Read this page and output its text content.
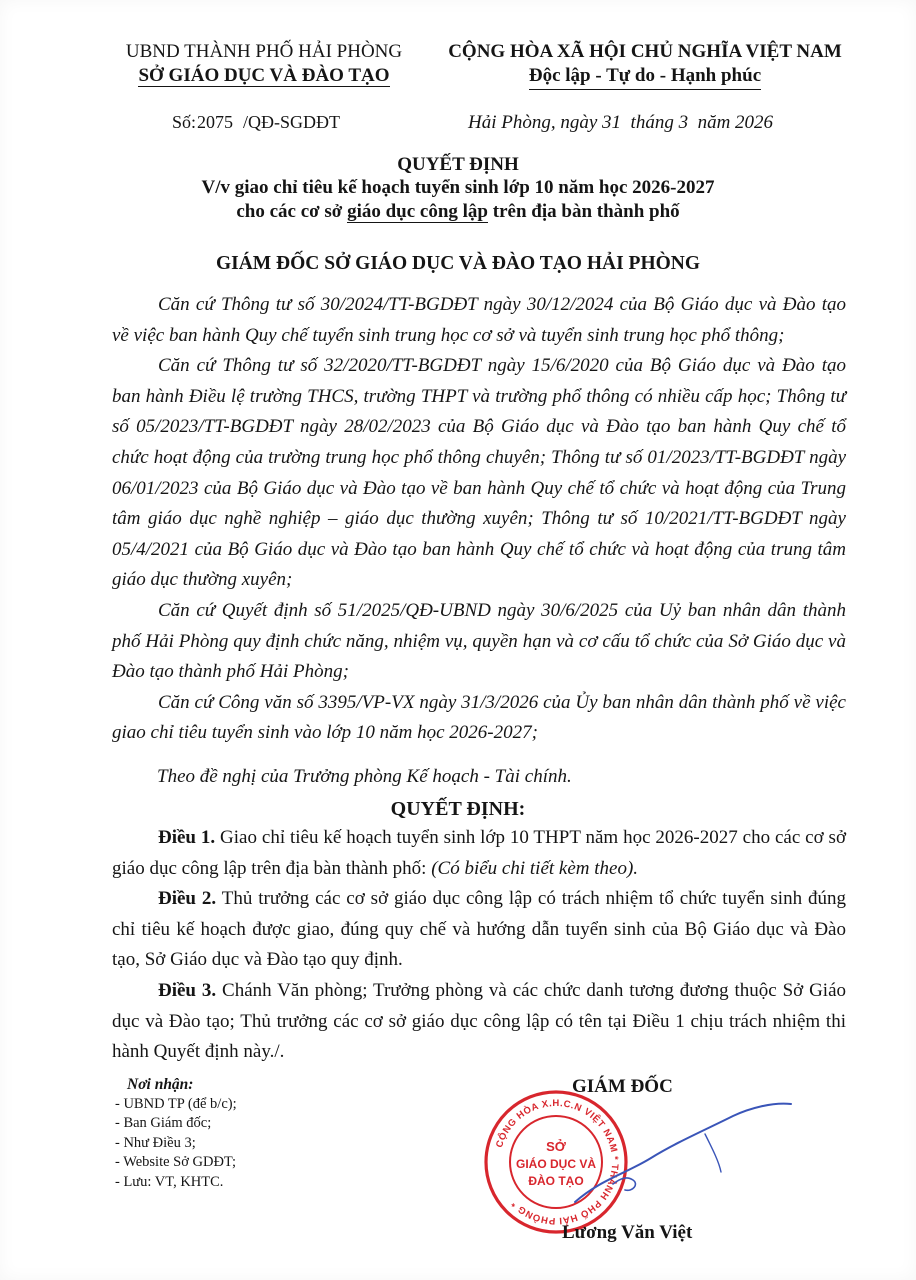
UBND THÀNH PHỐ HẢI PHÒNG
SỞ GIÁO DỤC VÀ ĐÀO TẠO
CỘNG HÒA XÃ HỘI CHỦ NGHĨA VIỆT NAM
Độc lập - Tự do - Hạnh phúc
Số:2075 /QĐ-SGDĐT	Hải Phòng, ngày 31  tháng 3  năm 2026
QUYẾT ĐỊNH
V/v giao chỉ tiêu kế hoạch tuyển sinh lớp 10 năm học 2026-2027
cho các cơ sở giáo dục công lập trên địa bàn thành phố
GIÁM ĐỐC SỞ GIÁO DỤC VÀ ĐÀO TẠO HẢI PHÒNG

Căn cứ Thông tư số 30/2024/TT-BGDĐT ngày 30/12/2024 của Bộ Giáo dục và Đào tạo về việc ban hành Quy chế tuyển sinh trung học cơ sở và tuyển sinh trung học phổ thông;

Căn cứ Thông tư số 32/2020/TT-BGDĐT ngày 15/6/2020 của Bộ Giáo dục và Đào tạo ban hành Điều lệ trường THCS, trường THPT và trường phổ thông có nhiều cấp học; Thông tư số 05/2023/TT-BGDĐT ngày 28/02/2023 của Bộ Giáo dục và Đào tạo ban hành Quy chế tổ chức hoạt động của trường trung học phổ thông chuyên; Thông tư số 01/2023/TT-BGDĐT ngày 06/01/2023 của Bộ Giáo dục và Đào tạo về ban hành Quy chế tổ chức và hoạt động của Trung tâm giáo dục nghề nghiệp – giáo dục thường xuyên; Thông tư số 10/2021/TT-BGDĐT ngày 05/4/2021 của Bộ Giáo dục và Đào tạo ban hành Quy chế tổ chức và hoạt động của trung tâm giáo dục thường xuyên;

Căn cứ Quyết định số 51/2025/QĐ-UBND ngày 30/6/2025 của Uỷ ban nhân dân thành phố Hải Phòng quy định chức năng, nhiệm vụ, quyền hạn và cơ cấu tổ chức của Sở Giáo dục và Đào tạo thành phố Hải Phòng;

Căn cứ Công văn số 3395/VP-VX ngày 31/3/2026 của Ủy ban nhân dân thành phố về việc giao chỉ tiêu tuyển sinh vào lớp 10 năm học 2026-2027;

Theo đề nghị của Trưởng phòng Kế hoạch - Tài chính.
QUYẾT ĐỊNH:

Điều 1. Giao chỉ tiêu kế hoạch tuyển sinh lớp 10 THPT năm học 2026-2027 cho các cơ sở giáo dục công lập trên địa bàn thành phố: (Có biểu chi tiết kèm theo).

Điều 2. Thủ trưởng các cơ sở giáo dục công lập có trách nhiệm tổ chức tuyển sinh đúng chỉ tiêu kế hoạch được giao, đúng quy chế và hướng dẫn tuyển sinh của Bộ Giáo dục và Đào tạo, Sở Giáo dục và Đào tạo quy định.

Điều 3. Chánh Văn phòng; Trưởng phòng và các chức danh tương đương thuộc Sở Giáo dục và Đào tạo; Thủ trưởng các cơ sở giáo dục công lập có tên tại Điều 1 chịu trách nhiệm thi hành Quyết định này./.

Nơi nhận:
- UBND TP (để b/c);
- Ban Giám đốc;
- Như Điều 3;
- Website Sở GDĐT;
- Lưu: VT, KHTC.
GIÁM ĐỐC
CỘNG HÒA X.H.C.N VIỆT NAM * THÀNH PHỐ HẢI PHÒNG *
SỞ
GIÁO DỤC VÀ
ĐÀO TẠO
Lương Văn Việt
